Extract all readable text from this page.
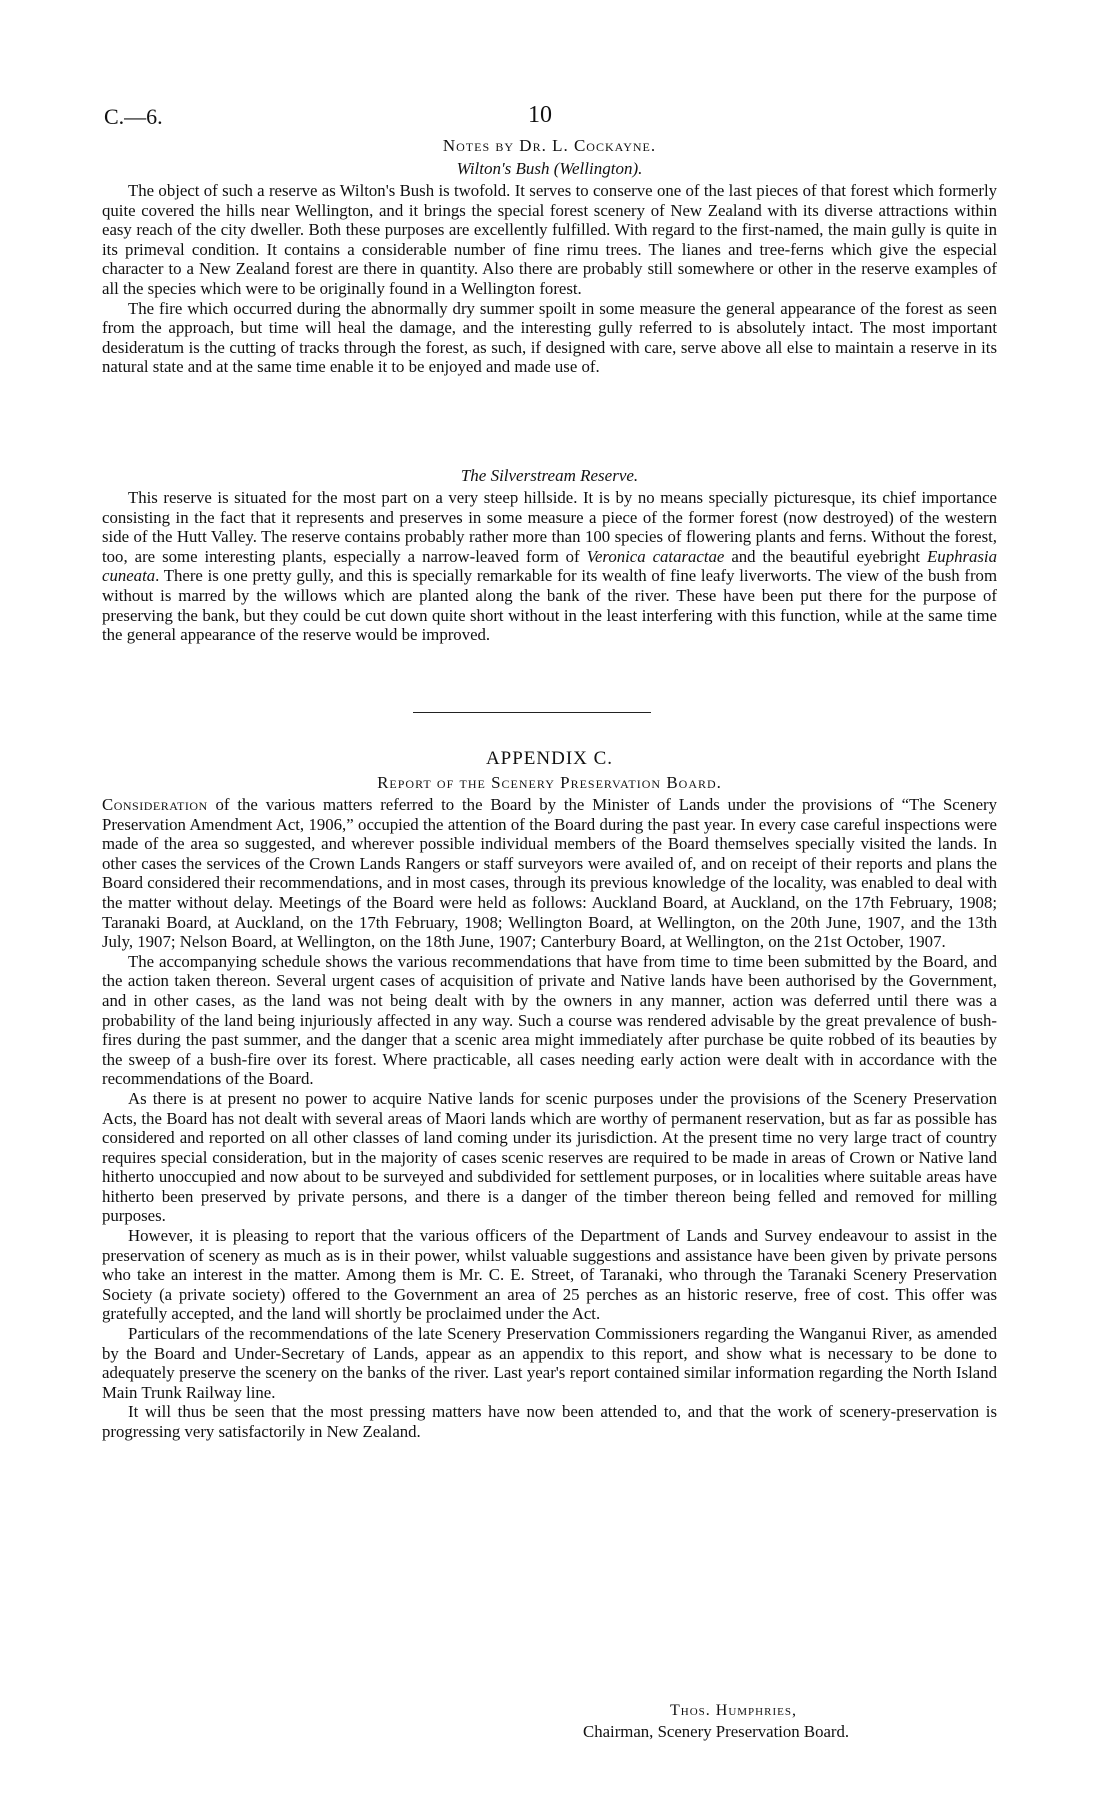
C.—6.	10
Notes by Dr. L. Cockayne.
Wilton's Bush (Wellington).

The object of such a reserve as Wilton's Bush is twofold. It serves to conserve one of the last pieces of that forest which formerly quite covered the hills near Wellington, and it brings the special forest scenery of New Zealand with its diverse attractions within easy reach of the city dweller. Both these purposes are excellently fulfilled. With regard to the first-named, the main gully is quite in its primeval condition. It contains a considerable number of fine rimu trees. The lianes and tree-ferns which give the especial character to a New Zealand forest are there in quantity. Also there are probably still somewhere or other in the reserve examples of all the species which were to be originally found in a Wellington forest.

The fire which occurred during the abnormally dry summer spoilt in some measure the general appearance of the forest as seen from the approach, but time will heal the damage, and the interesting gully referred to is absolutely intact. The most important desideratum is the cutting of tracks through the forest, as such, if designed with care, serve above all else to maintain a reserve in its natural state and at the same time enable it to be enjoyed and made use of.

The Silverstream Reserve.

This reserve is situated for the most part on a very steep hillside. It is by no means specially picturesque, its chief importance consisting in the fact that it represents and preserves in some measure a piece of the former forest (now destroyed) of the western side of the Hutt Valley. The reserve contains probably rather more than 100 species of flowering plants and ferns. Without the forest, too, are some interesting plants, especially a narrow-leaved form of Veronica cataractae and the beautiful eyebright Euphrasia cuneata. There is one pretty gully, and this is specially remarkable for its wealth of fine leafy liverworts. The view of the bush from without is marred by the willows which are planted along the bank of the river. These have been put there for the purpose of preserving the bank, but they could be cut down quite short without in the least interfering with this function, while at the same time the general appearance of the reserve would be improved.

APPENDIX C.
Report of the Scenery Preservation Board.

Consideration of the various matters referred to the Board by the Minister of Lands under the provisions of “The Scenery Preservation Amendment Act, 1906,” occupied the attention of the Board during the past year. In every case careful inspections were made of the area so suggested, and wherever possible individual members of the Board themselves specially visited the lands. In other cases the services of the Crown Lands Rangers or staff surveyors were availed of, and on receipt of their reports and plans the Board considered their recommendations, and in most cases, through its previous knowledge of the locality, was enabled to deal with the matter without delay. Meetings of the Board were held as follows: Auckland Board, at Auckland, on the 17th February, 1908; Taranaki Board, at Auckland, on the 17th February, 1908; Wellington Board, at Wellington, on the 20th June, 1907, and the 13th July, 1907; Nelson Board, at Wellington, on the 18th June, 1907; Canterbury Board, at Wellington, on the 21st October, 1907.

The accompanying schedule shows the various recommendations that have from time to time been submitted by the Board, and the action taken thereon. Several urgent cases of acquisition of private and Native lands have been authorised by the Government, and in other cases, as the land was not being dealt with by the owners in any manner, action was deferred until there was a probability of the land being injuriously affected in any way. Such a course was rendered advisable by the great prevalence of bush-fires during the past summer, and the danger that a scenic area might immediately after purchase be quite robbed of its beauties by the sweep of a bush-fire over its forest. Where practicable, all cases needing early action were dealt with in accordance with the recommendations of the Board.

As there is at present no power to acquire Native lands for scenic purposes under the provisions of the Scenery Preservation Acts, the Board has not dealt with several areas of Maori lands which are worthy of permanent reservation, but as far as possible has considered and reported on all other classes of land coming under its jurisdiction. At the present time no very large tract of country requires special consideration, but in the majority of cases scenic reserves are required to be made in areas of Crown or Native land hitherto unoccupied and now about to be surveyed and subdivided for settlement purposes, or in localities where suitable areas have hitherto been preserved by private persons, and there is a danger of the timber thereon being felled and removed for milling purposes.

However, it is pleasing to report that the various officers of the Department of Lands and Survey endeavour to assist in the preservation of scenery as much as is in their power, whilst valuable suggestions and assistance have been given by private persons who take an interest in the matter. Among them is Mr. C. E. Street, of Taranaki, who through the Taranaki Scenery Preservation Society (a private society) offered to the Government an area of 25 perches as an historic reserve, free of cost. This offer was gratefully accepted, and the land will shortly be proclaimed under the Act.

Particulars of the recommendations of the late Scenery Preservation Commissioners regarding the Wanganui River, as amended by the Board and Under-Secretary of Lands, appear as an appendix to this report, and show what is necessary to be done to adequately preserve the scenery on the banks of the river. Last year's report contained similar information regarding the North Island Main Trunk Railway line.

It will thus be seen that the most pressing matters have now been attended to, and that the work of scenery-preservation is progressing very satisfactorily in New Zealand.

Thos. Humphries,
Chairman, Scenery Preservation Board.
